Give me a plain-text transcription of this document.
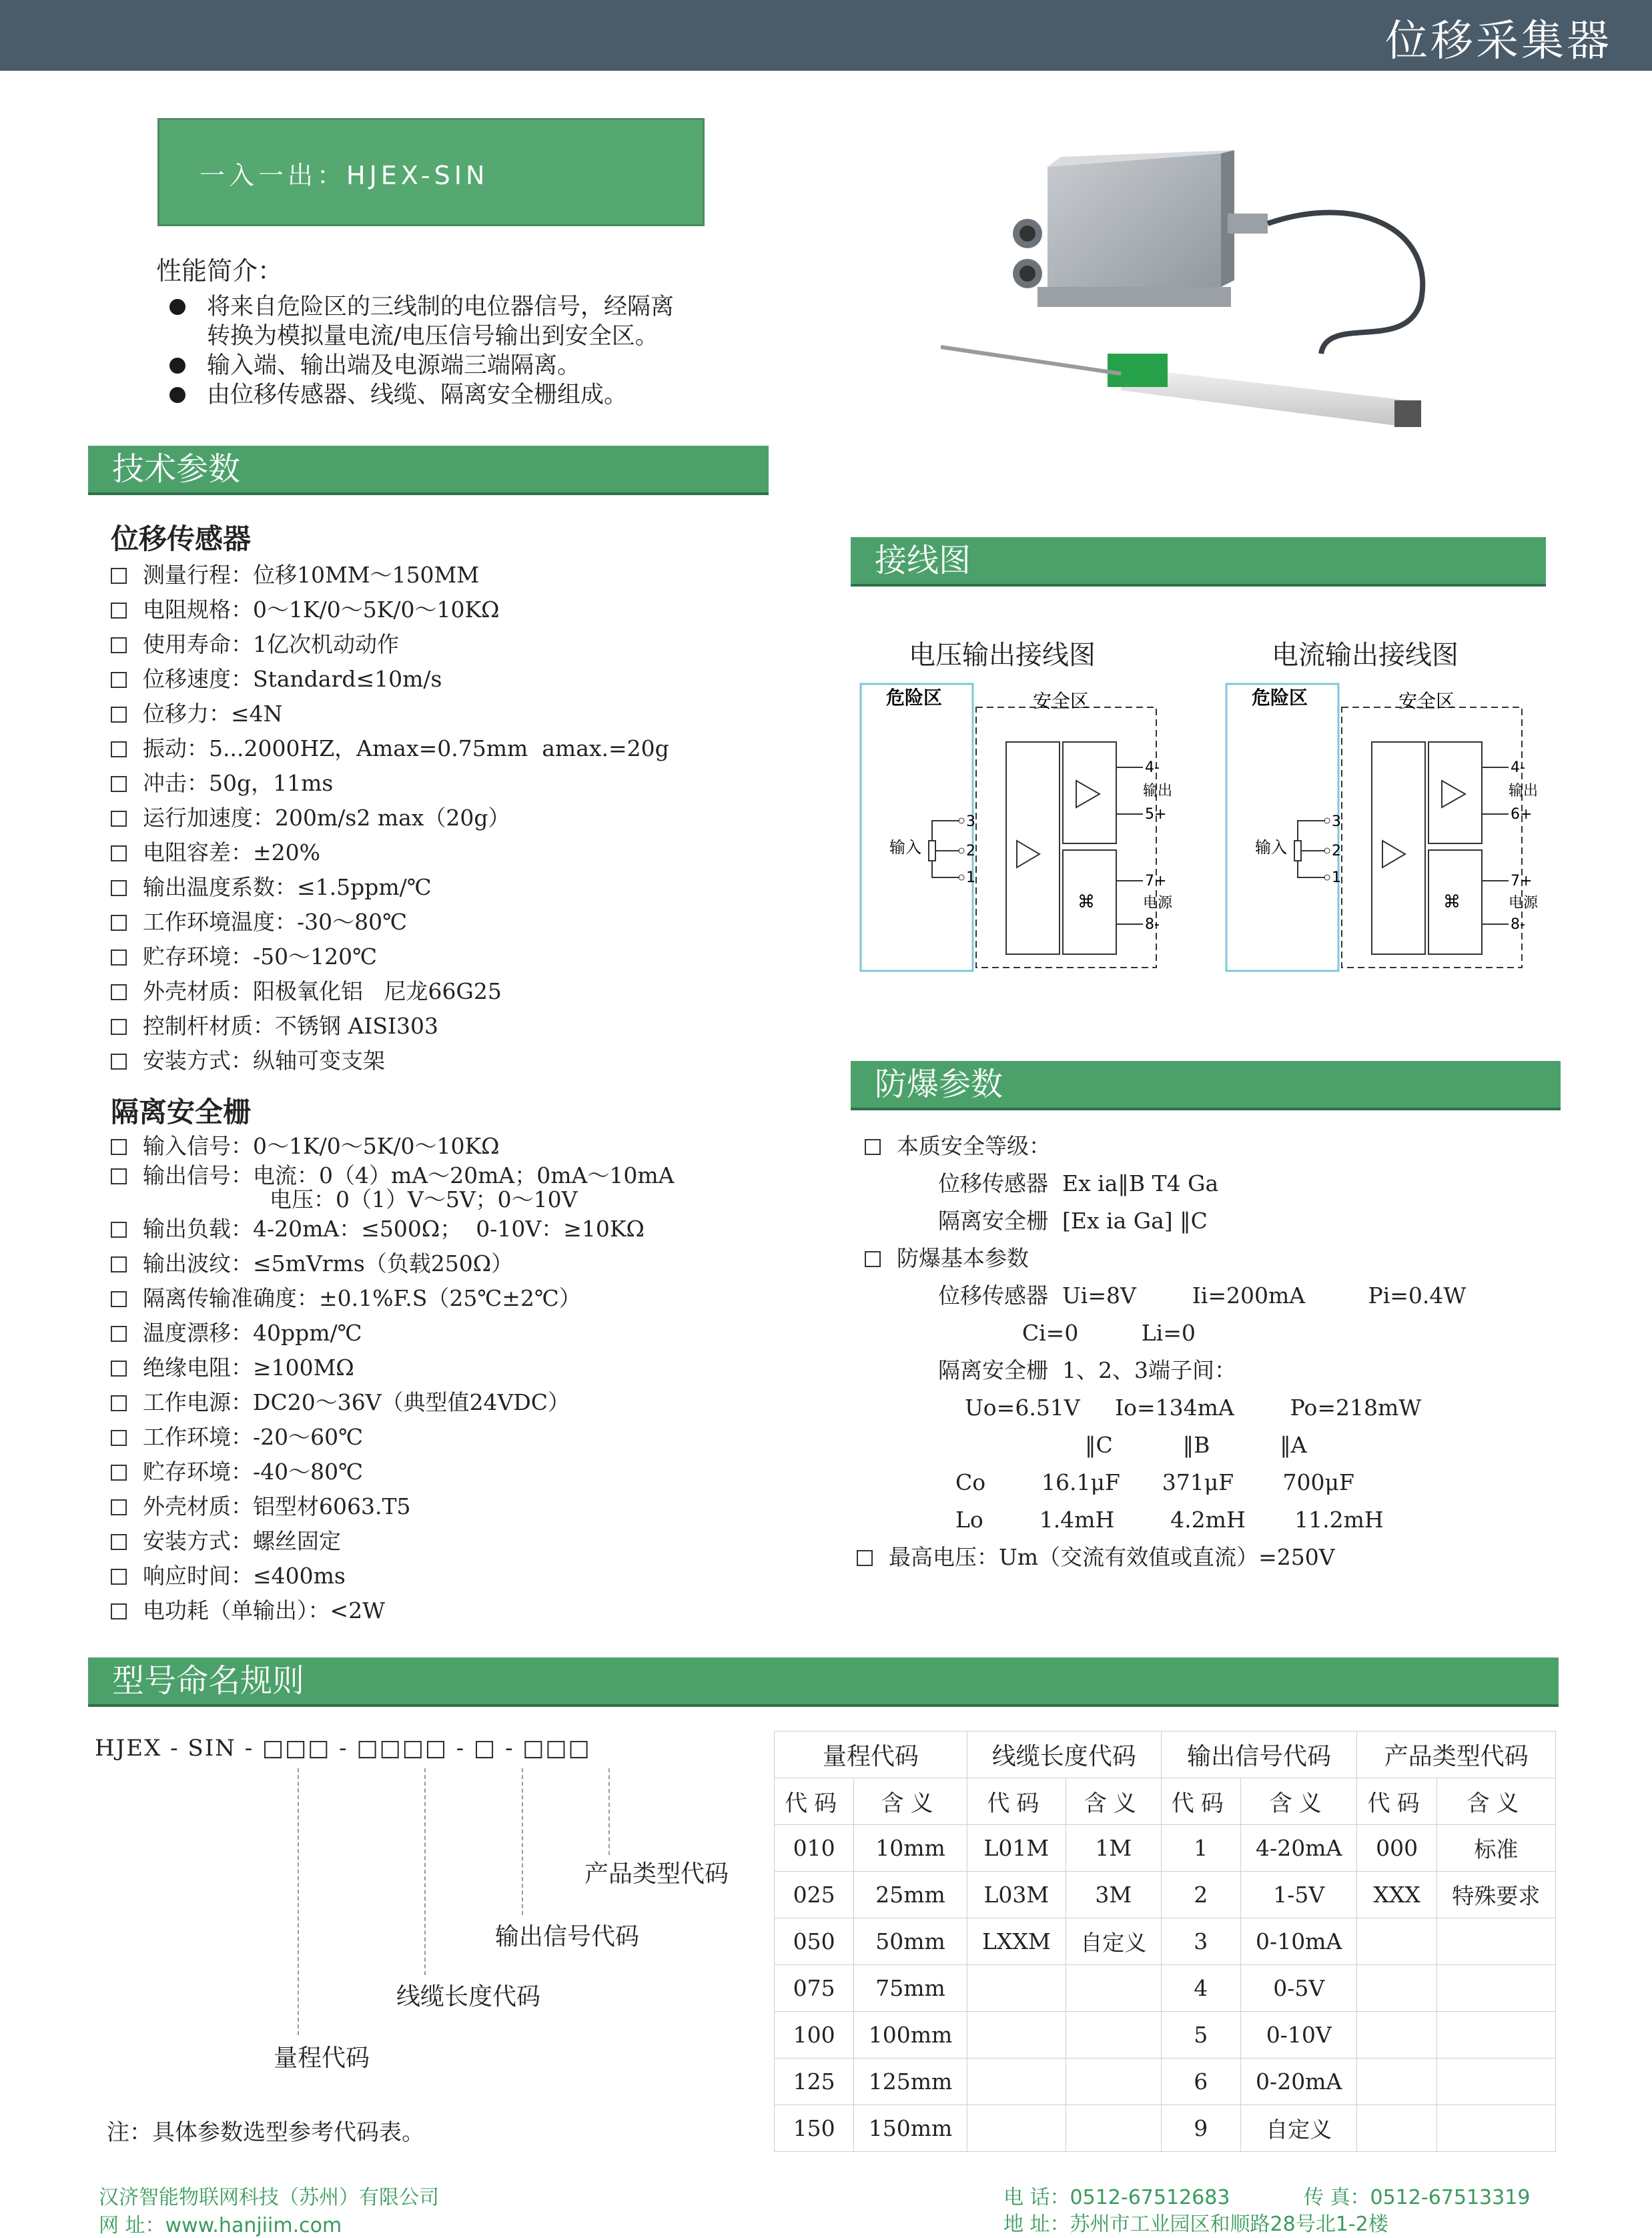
位移采集器
一入一出：HJEX-SIN
性能简介：
将来自危险区的三线制的电位器信号，经隔离
转换为模拟量电流/电压信号输出到安全区。
输入端、输出端及电源端三端隔离。
由位移传感器、线缆、隔离安全栅组成。
技术参数
接线图
防爆参数
型号命名规则
位移传感器
测量行程：位移10MM～150MM
电阻规格：0～1K/0～5K/0～10KΩ
使用寿命：1亿次机动动作
位移速度：Standard≤10m/s
位移力：≤4N
振动：5...2000HZ，Amax=0.75mm  amax.=20g
冲击：50g，11ms
运行加速度：200m/s2 max（20g）
电阻容差：±20%
输出温度系数：≤1.5ppm/℃
工作环境温度：-30～80℃
贮存环境：-50～120℃
外壳材质：阳极氧化铝   尼龙66G25
控制杆材质：不锈钢 AISI303
安装方式：纵轴可变支架
隔离安全栅
输入信号：0～1K/0～5K/0～10KΩ
输出信号：电流：0（4）mA～20mA；0mA～10mA
电压：0（1）V～5V；0～10V
输出负载：4-20mA：≤500Ω；  0-10V：≥10KΩ
输出波纹：≤5mVrms（负载250Ω）
隔离传输准确度：±0.1%F.S（25℃±2℃）
温度漂移：40ppm/℃
绝缘电阻：≥100MΩ
工作电源：DC20～36V（典型值24VDC）
工作环境：-20～60℃
贮存环境：-40～80℃
外壳材质：铝型材6063.T5
安装方式：螺丝固定
响应时间：≤400ms
电功耗（单输出）：<2W
电压输出接线图	电流输出接线图
危险区	安全区
⌘
输入
3
2
1
4-
输出
5+
7+
电源
8-
危险区	安全区
⌘
输入
3
2
1
4-
输出
6+
7+
电源
8-
本质安全等级：
位移传感器  Ex ia‖B T4 Ga
隔离安全栅  [Ex ia Ga] ‖C
防爆基本参数
位移传感器  Ui=8V        Ii=200mA         Pi=0.4W
Ci=0         Li=0
隔离安全栅  1、2、3端子间：
Uo=6.51V     Io=134mA        Po=218mW
‖C          ‖B          ‖A
Co        16.1μF      371μF       700μF
Lo        1.4mH        4.2mH       11.2mH
最高电压：Um（交流有效值或直流）=250V
HJEX - SIN - □□□ - □□□□ - □ - □□□
产品类型代码
输出信号代码
线缆长度代码
量程代码
注：具体参数选型参考代码表。
量程代码		线缆长度代码		输出信号代码		产品类型代码	
代码	含义	代码	含义	代码	含义	代码	含义
010	10mm	L01M	1M	1	4-20mA	000	标准
025	25mm	L03M	3M	2	1-5V	XXX	特殊要求
050	50mm	LXXM	自定义	3	0-10mA		
075	75mm			4	0-5V		
100	100mm			5	0-10V		
125	125mm			6	0-20mA		
150	150mm			9	自定义		
汉济智能物联网科技（苏州）有限公司
网 址：www.hanjiim.com
电 话：0512-67512683	传 真：0512-67513319
地 址：苏州市工业园区和顺路28号北1-2楼
